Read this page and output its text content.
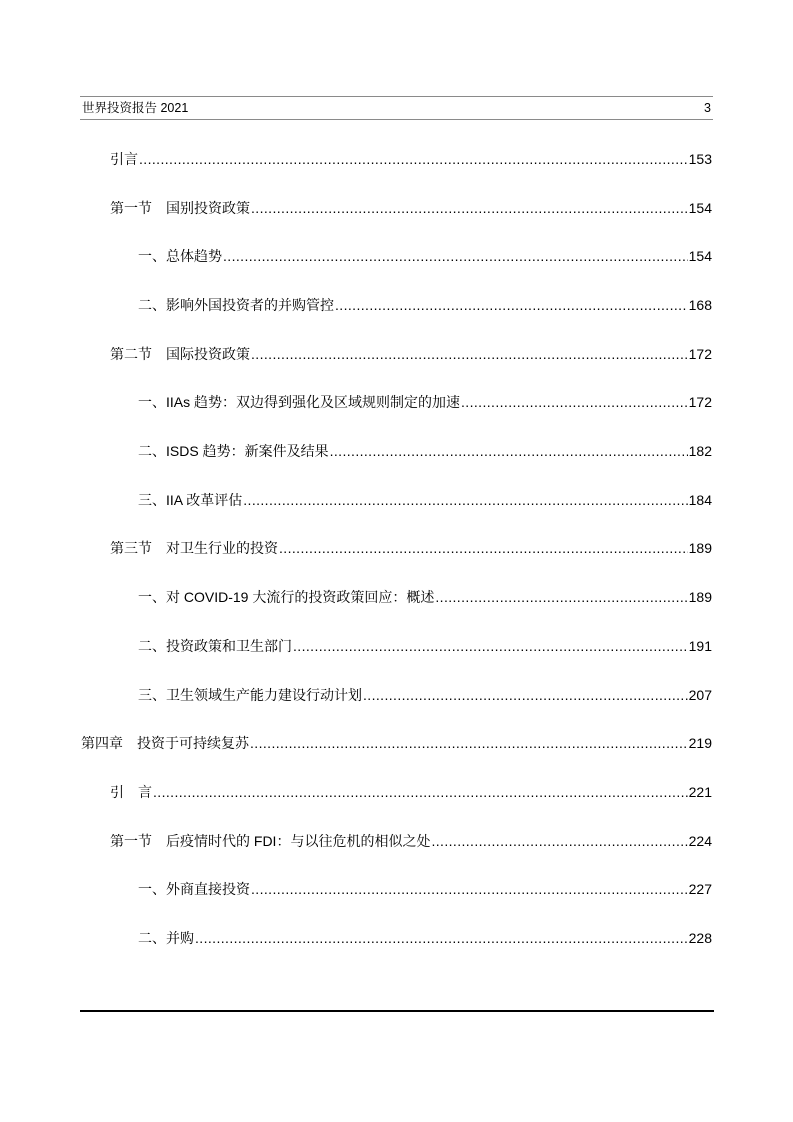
世界投资报告 2021	3
引言 .....	153
第一节　国别投资政策 .....	154
一、总体趋势 .....	154
二、影响外国投资者的并购管控 .....	168
第二节　国际投资政策 .....	172
一、IIAs 趋势：双边得到强化及区域规则制定的加速 .....	172
二、ISDS 趋势：新案件及结果 .....	182
三、IIA 改革评估 .....	184
第三节　对卫生行业的投资 .....	189
一、对 COVID-19 大流行的投资政策回应：概述 .....	189
二、投资政策和卫生部门 .....	191
三、卫生领域生产能力建设行动计划 .....	207
第四章　投资于可持续复苏 .....	219
引　言 .....	221
第一节　后疫情时代的 FDI：与以往危机的相似之处 .....	224
一、外商直接投资 .....	227
二、并购 .....	228
